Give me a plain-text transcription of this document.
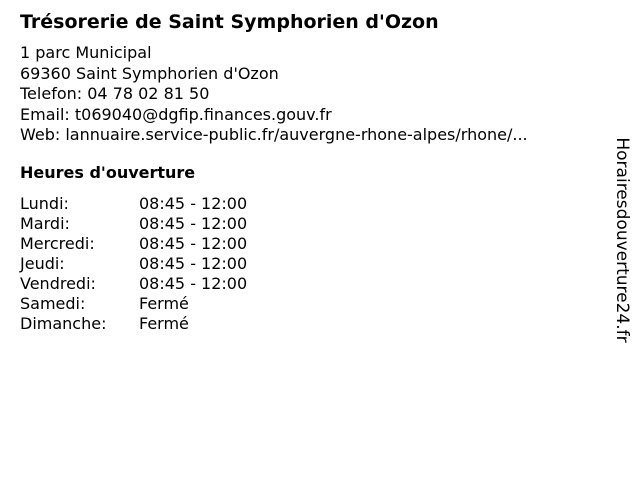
Trésorerie de Saint Symphorien d'Ozon
1 parc Municipal
69360 Saint Symphorien d'Ozon
Telefon: 04 78 02 81 50
Email: t069040@dgfip.finances.gouv.fr
Web: lannuaire.service-public.fr/auvergne-rhone-alpes/rhone/...
Heures d'ouverture
Lundi:	08:45 - 12:00
Mardi:	08:45 - 12:00
Mercredi:	08:45 - 12:00
Jeudi:	08:45 - 12:00
Vendredi:	08:45 - 12:00
Samedi:	Fermé
Dimanche: Fermé	Horairesdouverture24.fr
